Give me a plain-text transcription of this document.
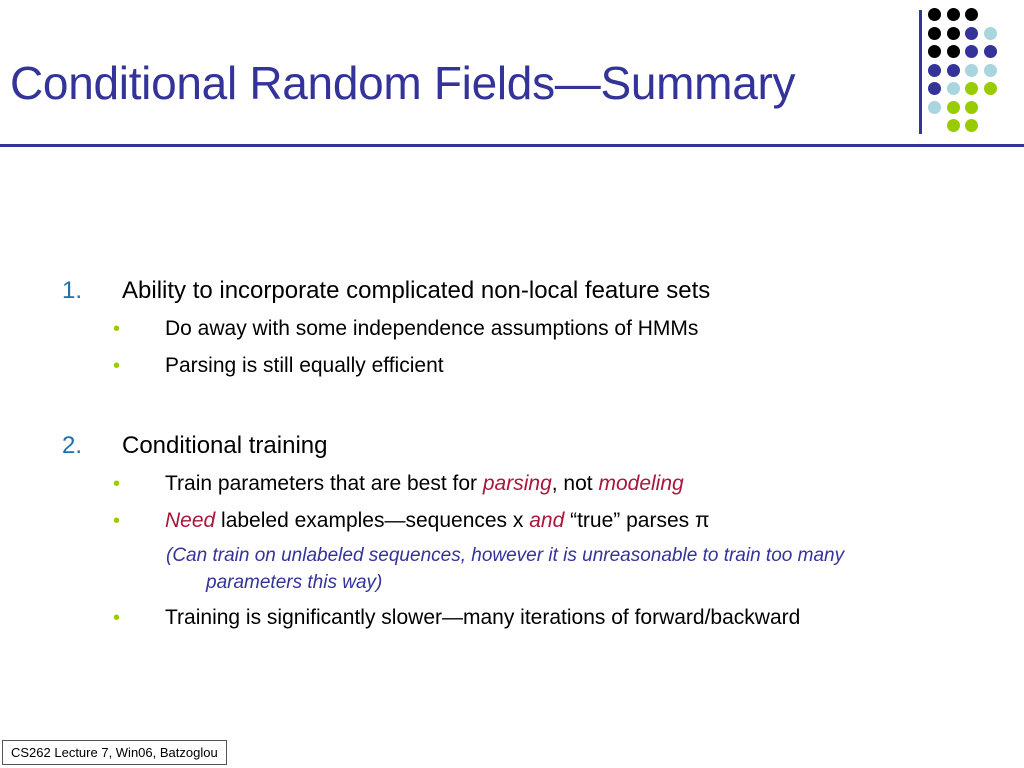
Conditional Random Fields—Summary
1. Ability to incorporate complicated non-local feature sets
• Do away with some independence assumptions of HMMs
• Parsing is still equally efficient
2. Conditional training
• Train parameters that are best for parsing, not modeling
• Need labeled examples—sequences x and “true” parses π
(Can train on unlabeled sequences, however it is unreasonable to train too many
parameters this way)
• Training is significantly slower—many iterations of forward/backward
CS262 Lecture 7, Win06, Batzoglou
